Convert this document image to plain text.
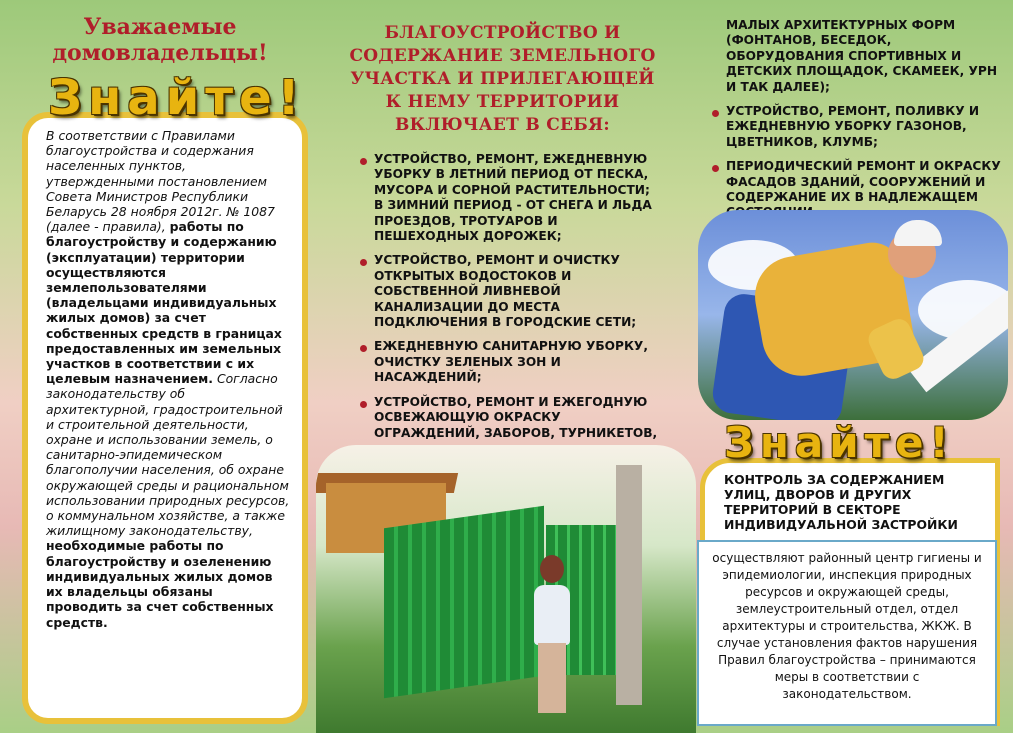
Уважаемые домовладельцы!

В соответствии с Правилами благоустройства и содержания населенных пунктов, утвержденными постановлением Совета Министров Республики Беларусь 28 ноября 2012г. № 1087 (далее - правила), работы по благоустройству и содержанию (эксплуатации) территории осуществляются землепользователями (владельцами индивидуальных жилых домов) за счет собственных средств в границах предоставленных им земельных участков в соответствии с их целевым назначением. Согласно законодательству об архитектурной, градостроительной и строительной деятельности, охране и использовании земель, о санитарно-эпидемическом благополучии населения, об охране окружающей среды и рациональном использовании природных ресурсов, о коммунальном хозяйстве, а также жилищному законодательству, необходимые работы по благоустройству и озеленению индивидуальных жилых домов их владельцы обязаны проводить за счет собственных средств.

Знайте!
БЛАГОУСТРОЙСТВО И СОДЕРЖАНИЕ ЗЕМЕЛЬНОГО УЧАСТКА И ПРИЛЕГАЮЩЕЙ К НЕМУ ТЕРРИТОРИИ ВКЛЮЧАЕТ В СЕБЯ:
УСТРОЙСТВО, РЕМОНТ, ЕЖЕДНЕВНУЮ УБОРКУ В ЛЕТНИЙ ПЕРИОД ОТ ПЕСКА, МУСОРА И СОРНОЙ РАСТИТЕЛЬНОСТИ; В ЗИМНИЙ ПЕРИОД - ОТ СНЕГА И ЛЬДА ПРОЕЗДОВ, ТРОТУАРОВ И ПЕШЕХОДНЫХ ДОРОЖЕК;
УСТРОЙСТВО, РЕМОНТ И ОЧИСТКУ ОТКРЫТЫХ ВОДОСТОКОВ И СОБСТВЕННОЙ ЛИВНЕВОЙ КАНАЛИЗАЦИИ ДО МЕСТА ПОДКЛЮЧЕНИЯ В ГОРОДСКИЕ СЕТИ;
ЕЖЕДНЕВНУЮ САНИТАРНУЮ УБОРКУ, ОЧИСТКУ ЗЕЛЕНЫХ ЗОН И НАСАЖДЕНИЙ;
УСТРОЙСТВО, РЕМОНТ И ЕЖЕГОДНУЮ ОСВЕЖАЮЩУЮ ОКРАСКУ ОГРАЖДЕНИЙ, ЗАБОРОВ, ТУРНИКЕТОВ,
МАЛЫХ АРХИТЕКТУРНЫХ ФОРМ (ФОНТАНОВ, БЕСЕДОК, ОБОРУДОВАНИЯ СПОРТИВНЫХ И ДЕТСКИХ ПЛОЩАДОК, СКАМЕЕК, УРН И ТАК ДАЛЕЕ);
УСТРОЙСТВО, РЕМОНТ, ПОЛИВКУ И ЕЖЕДНЕВНУЮ УБОРКУ ГАЗОНОВ, ЦВЕТНИКОВ, КЛУМБ;
ПЕРИОДИЧЕСКИЙ РЕМОНТ И ОКРАСКУ ФАСАДОВ ЗДАНИЙ, СООРУЖЕНИЙ И СОДЕРЖАНИЕ ИХ В НАДЛЕЖАЩЕМ
Знайте!
КОНТРОЛЬ ЗА СОДЕРЖАНИЕМ УЛИЦ, ДВОРОВ И ДРУГИХ ТЕРРИТОРИЙ В СЕКТОРЕ ИНДИВИДУАЛЬНОЙ ЗАСТРОЙКИ
осуществляют районный центр гигиены и эпидемиологии, инспекция природных ресурсов и окружающей среды, землеустроительный отдел, отдел архитектуры и строительства, ЖКЖ. В случае установления фактов нарушения Правил благоустройства – принимаются меры в соответствии с законодательством.
